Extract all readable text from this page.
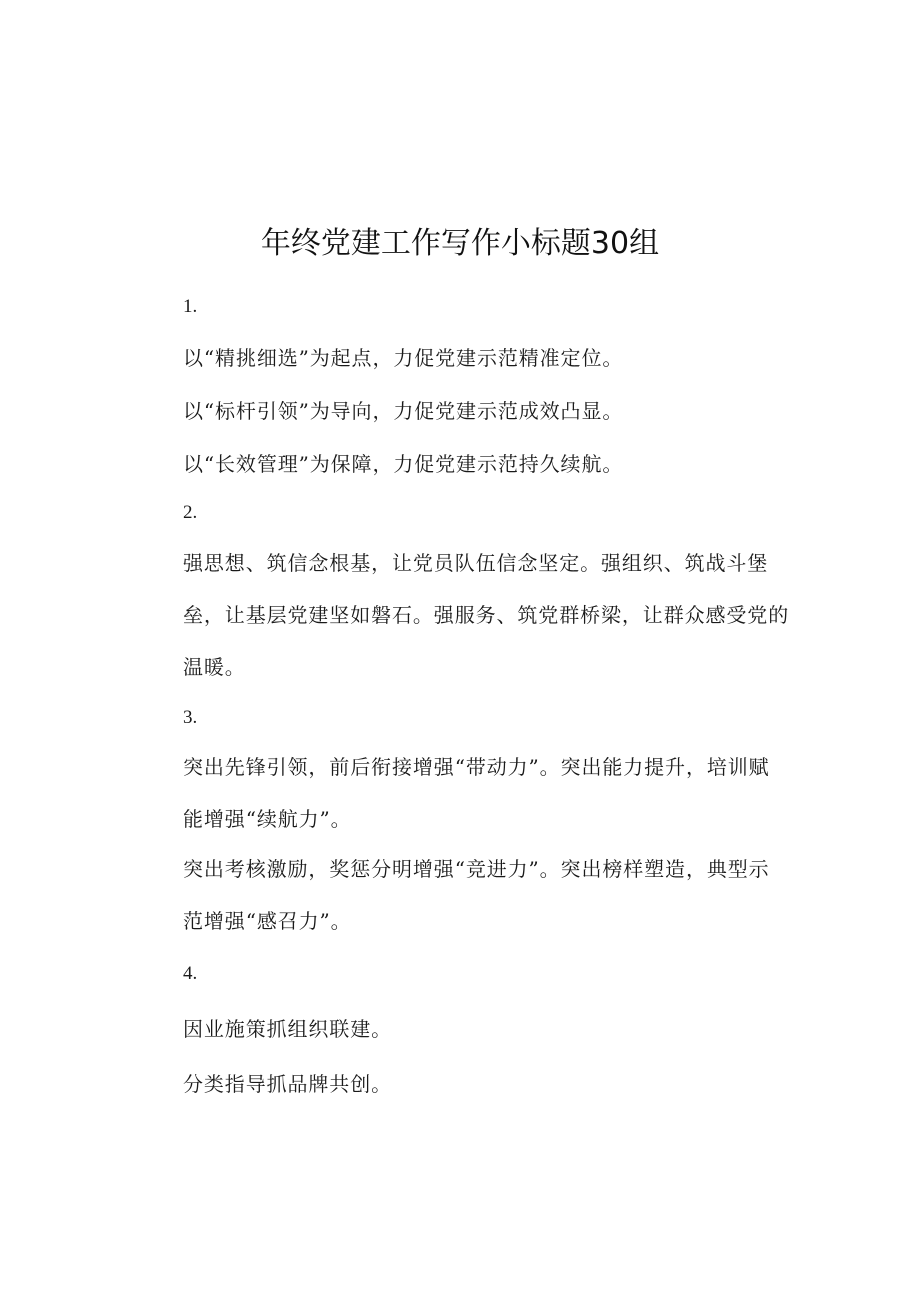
年终党建工作写作小标题30组
1.
以“精挑细选”为起点，力促党建示范精准定位。
以“标杆引领”为导向，力促党建示范成效凸显。
以“长效管理”为保障，力促党建示范持久续航。
2.
强思想、筑信念根基，让党员队伍信念坚定。强组织、筑战斗堡垒，让基层党建坚如磐石。强服务、筑党群桥梁，让群众感受党的温暖。
3.
突出先锋引领，前后衔接增强“带动力”。突出能力提升，培训赋能增强“续航力”。
突出考核激励，奖惩分明增强“竞进力”。突出榜样塑造，典型示范增强“感召力”。
4.
因业施策抓组织联建。
分类指导抓品牌共创。
